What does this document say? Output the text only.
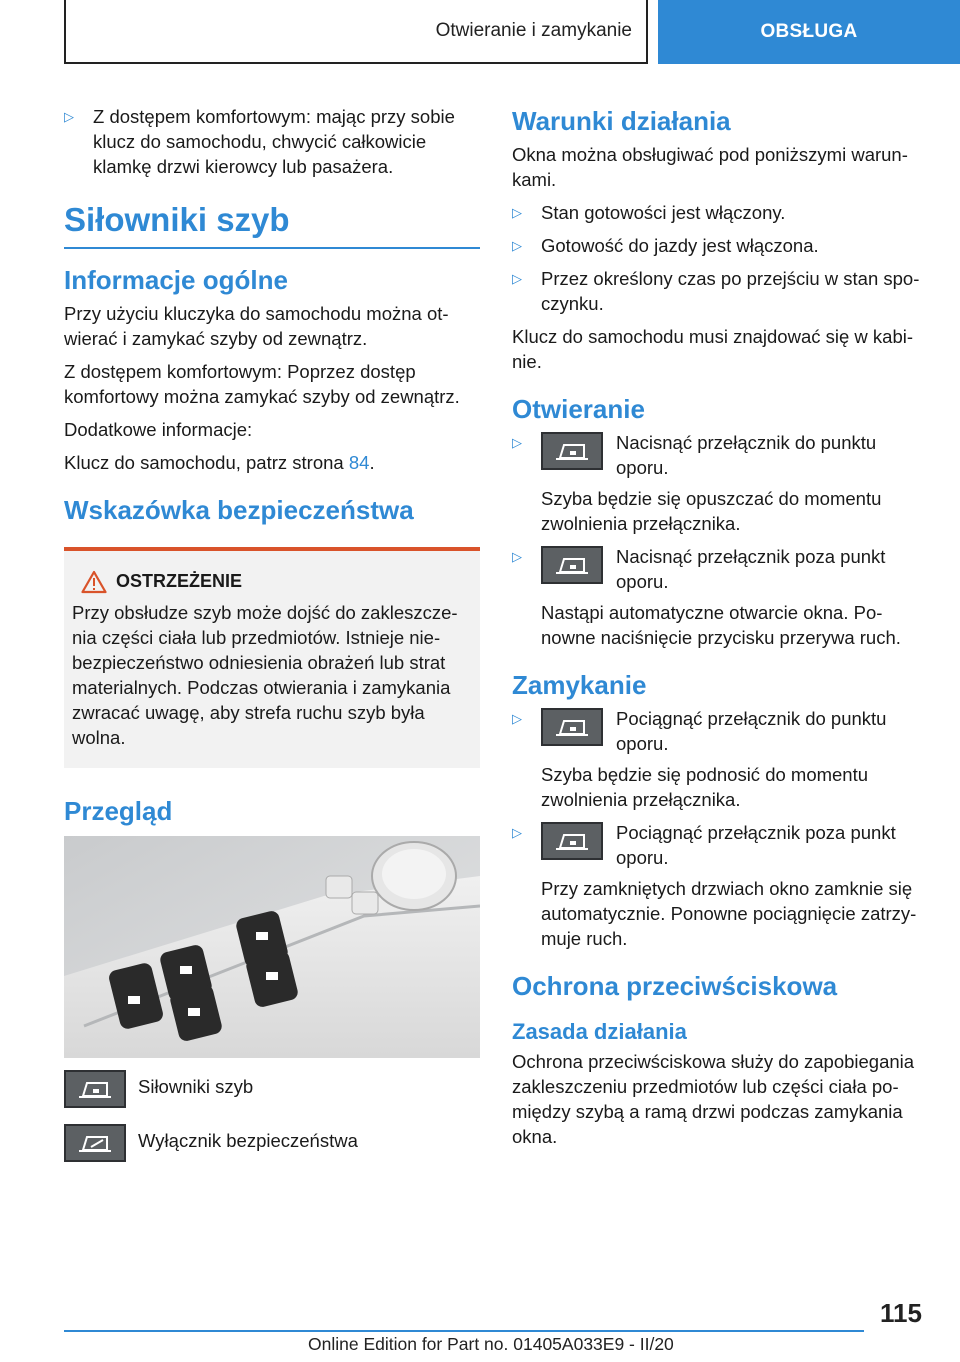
Otwieranie i zamykanie	OBSŁUGA
▷	Z dostępem komfortowym: mając przy sobie klucz do samochodu, chwycić całkowicie klamkę drzwi kierowcy lub pasażera.
Siłowniki szyb
Informacje ogólne

Przy użyciu kluczyka do samochodu można ot-wierać i zamykać szyby od zewnątrz.

Z dostępem komfortowym: Poprzez dostęp komfortowy można zamykać szyby od zewnątrz.

Dodatkowe informacje:

Klucz do samochodu, patrz strona 84.

Wskazówka bezpieczeństwa
OSTRZEŻENIE
Przy obsłudze szyb może dojść do zakleszcze-nia części ciała lub przedmiotów. Istnieje nie-bezpieczeństwo odniesienia obrażeń lub strat materialnych. Podczas otwierania i zamykania zwracać uwagę, aby strefa ruchu szyb była wolna.
Przegląd
Siłowniki szyb
Wyłącznik bezpieczeństwa
Warunki działania

Okna można obsługiwać pod poniższymi warun-kami.

▷	Stan gotowości jest włączony.
▷	Gotowość do jazdy jest włączona.
▷	Przez określony czas po przejściu w stan spo-czynku.

Klucz do samochodu musi znajdować się w kabi-nie.

Otwieranie
▷	Nacisnąć przełącznik do punktu oporu.
Szyba będzie się opuszczać do momentu zwolnienia przełącznika.
▷	Nacisnąć przełącznik poza punkt oporu.
Nastąpi automatyczne otwarcie okna. Po-nowne naciśnięcie przycisku przerywa ruch.
Zamykanie
▷	Pociągnąć przełącznik do punktu oporu.
Szyba będzie się podnosić do momentu zwolnienia przełącznika.
▷	Pociągnąć przełącznik poza punkt oporu.
Przy zamkniętych drzwiach okno zamknie się automatycznie. Ponowne pociągnięcie zatrzy-muje ruch.
Ochrona przeciwściskowa
Zasada działania

Ochrona przeciwściskowa służy do zapobiegania zakleszczeniu przedmiotów lub części ciała po-między szybą a ramą drzwi podczas zamykania okna.

115
Online Edition for Part no. 01405A033E9 - II/20
